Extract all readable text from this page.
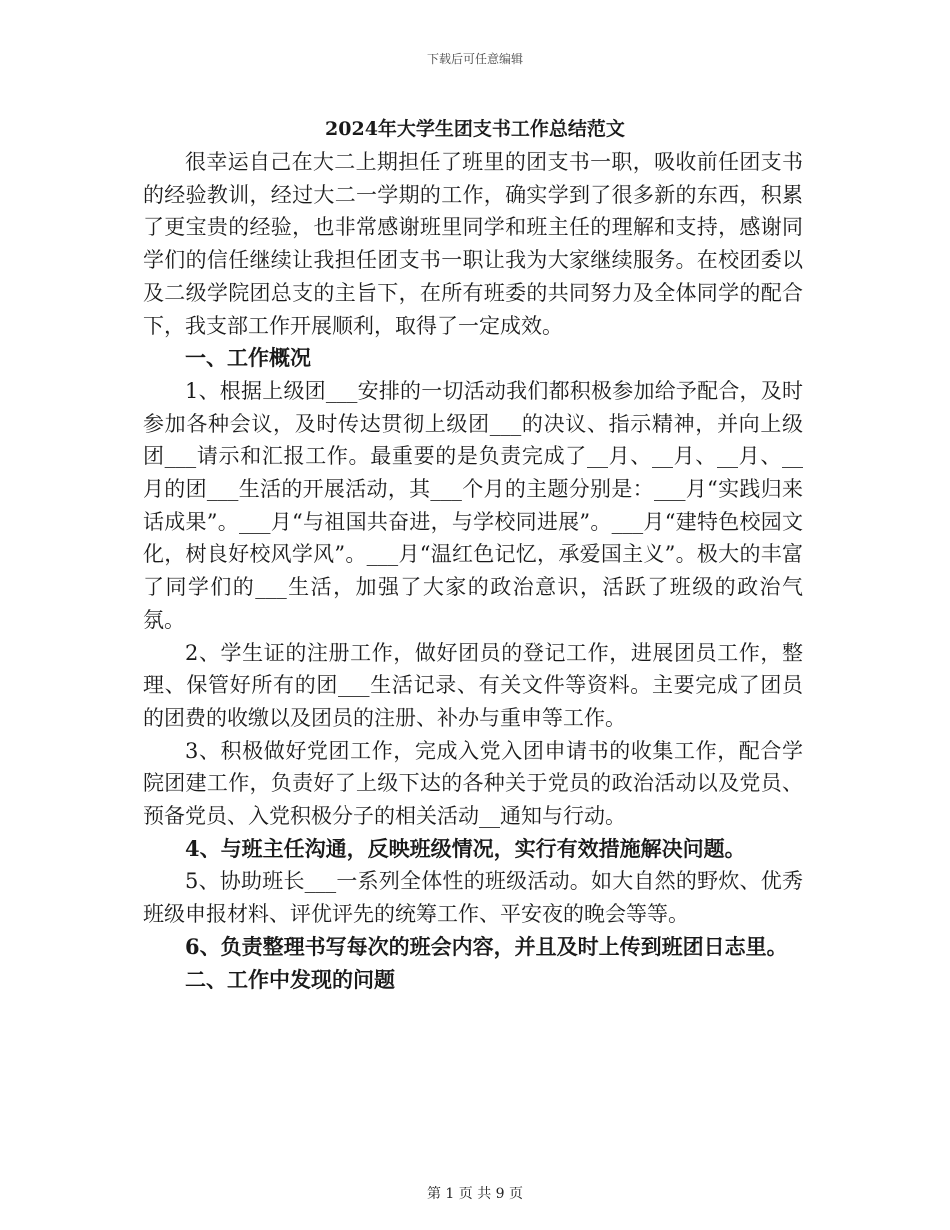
下载后可任意编辑
2024年大学生团支书工作总结范文

很幸运自己在大二上期担任了班里的团支书一职，吸收前任团支书的经验教训，经过大二一学期的工作，确实学到了很多新的东西，积累了更宝贵的经验，也非常感谢班里同学和班主任的理解和支持，感谢同学们的信任继续让我担任团支书一职让我为大家继续服务。在校团委以及二级学院团总支的主旨下，在所有班委的共同努力及全体同学的配合下，我支部工作开展顺利，取得了一定成效。

一、工作概况

1、根据上级团___安排的一切活动我们都积极参加给予配合，及时参加各种会议，及时传达贯彻上级团___的决议、指示精神，并向上级团___请示和汇报工作。最重要的是负责完成了__月、__月、__月、__月的团___生活的开展活动，其___个月的主题分别是：___月“实践归来话成果”。___月“与祖国共奋进，与学校同进展”。___月“建特色校园文化，树良好校风学风”。___月“温红色记忆，承爱国主义”。极大的丰富了同学们的___生活，加强了大家的政治意识，活跃了班级的政治气氛。

2、学生证的注册工作，做好团员的登记工作，进展团员工作，整理、保管好所有的团___生活记录、有关文件等资料。主要完成了团员的团费的收缴以及团员的注册、补办与重申等工作。

3、积极做好党团工作，完成入党入团申请书的收集工作，配合学院团建工作，负责好了上级下达的各种关于党员的政治活动以及党员、预备党员、入党积极分子的相关活动__通知与行动。

4、与班主任沟通，反映班级情况，实行有效措施解决问题。

5、协助班长___一系列全体性的班级活动。如大自然的野炊、优秀班级申报材料、评优评先的统筹工作、平安夜的晚会等等。

6、负责整理书写每次的班会内容，并且及时上传到班团日志里。

二、工作中发现的问题

第 1 页 共 9 页
